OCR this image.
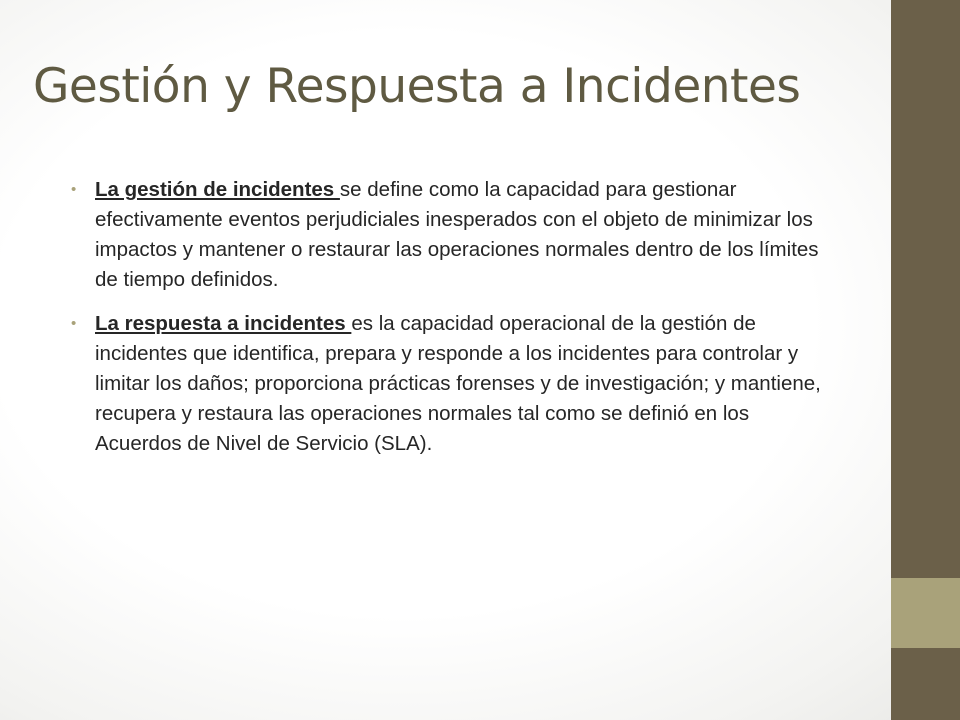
Gestión y Respuesta a Incidentes
• La gestión de incidentes se define como la capacidad para gestionar efectivamente eventos perjudiciales inesperados con el objeto de minimizar los impactos y mantener o restaurar las operaciones normales dentro de los límites de tiempo definidos.
• La respuesta a incidentes es la capacidad operacional de la gestión de incidentes que identifica, prepara y responde a los incidentes para controlar y limitar los daños; proporciona prácticas forenses y de investigación; y mantiene, recupera y restaura las operaciones normales tal como se definió en los Acuerdos de Nivel de Servicio (SLA).
